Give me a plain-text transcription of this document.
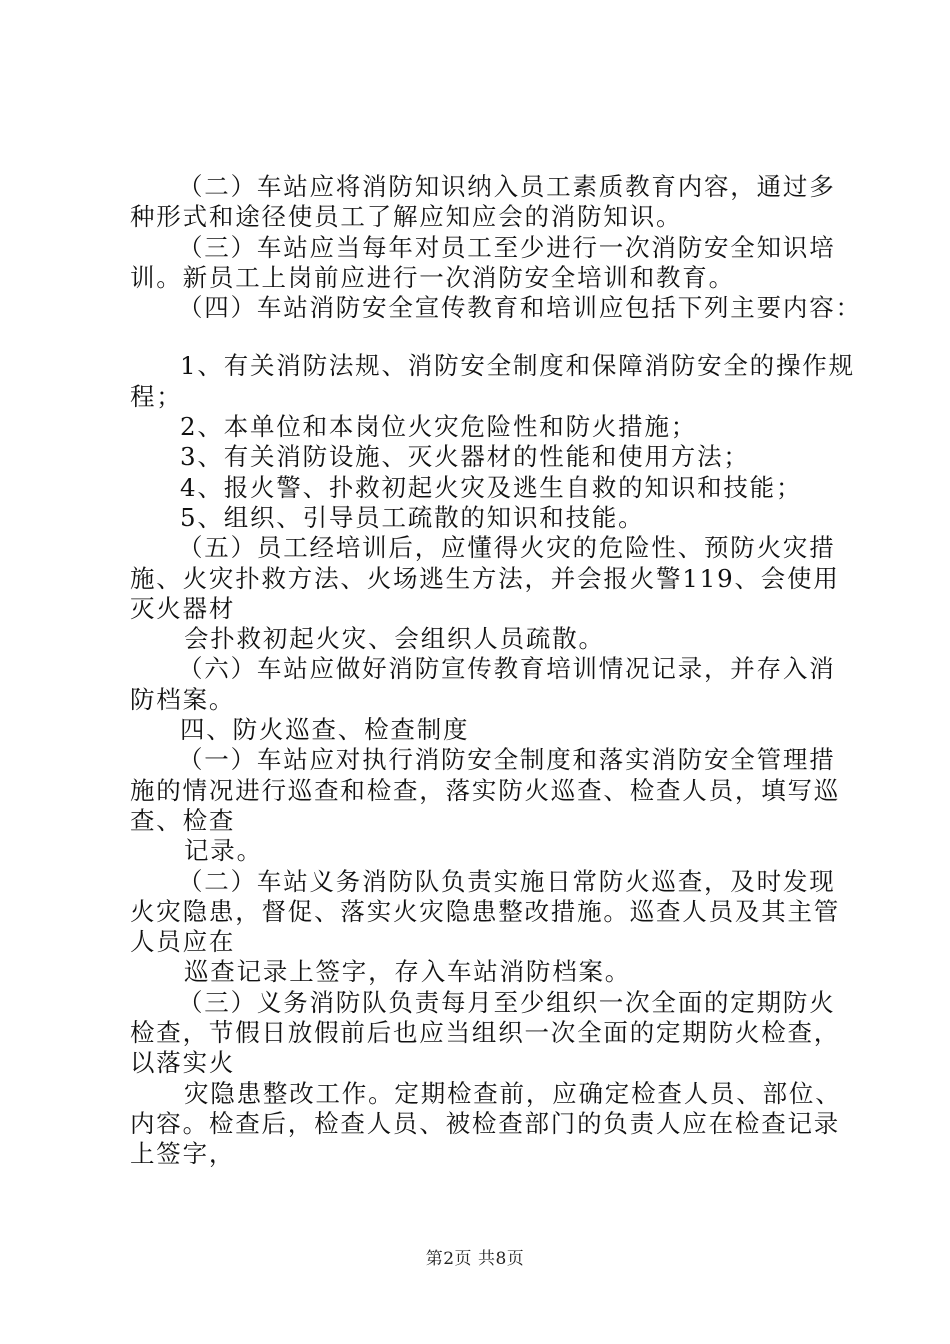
（二）车站应将消防知识纳入员工素质教育内容，通过多
种形式和途径使员工了解应知应会的消防知识。
（三）车站应当每年对员工至少进行一次消防安全知识培
训。新员工上岗前应进行一次消防安全培训和教育。
（四）车站消防安全宣传教育和培训应包括下列主要内容：
1、有关消防法规、消防安全制度和保障消防安全的操作规
程；
2、本单位和本岗位火灾危险性和防火措施；
3、有关消防设施、灭火器材的性能和使用方法；
4、报火警、扑救初起火灾及逃生自救的知识和技能；
5、组织、引导员工疏散的知识和技能。
（五）员工经培训后，应懂得火灾的危险性、预防火灾措
施、火灾扑救方法、火场逃生方法，并会报火警119、会使用
灭火器材
会扑救初起火灾、会组织人员疏散。
（六）车站应做好消防宣传教育培训情况记录，并存入消
防档案。
四、防火巡查、检查制度
（一）车站应对执行消防安全制度和落实消防安全管理措
施的情况进行巡查和检查，落实防火巡查、检查人员，填写巡
查、检查
记录。
（二）车站义务消防队负责实施日常防火巡查，及时发现
火灾隐患，督促、落实火灾隐患整改措施。巡查人员及其主管
人员应在
巡查记录上签字，存入车站消防档案。
（三）义务消防队负责每月至少组织一次全面的定期防火
检查，节假日放假前后也应当组织一次全面的定期防火检查，
以落实火
灾隐患整改工作。定期检查前，应确定检查人员、部位、
内容。检查后，检查人员、被检查部门的负责人应在检查记录
上签字，
第2页 共8页
